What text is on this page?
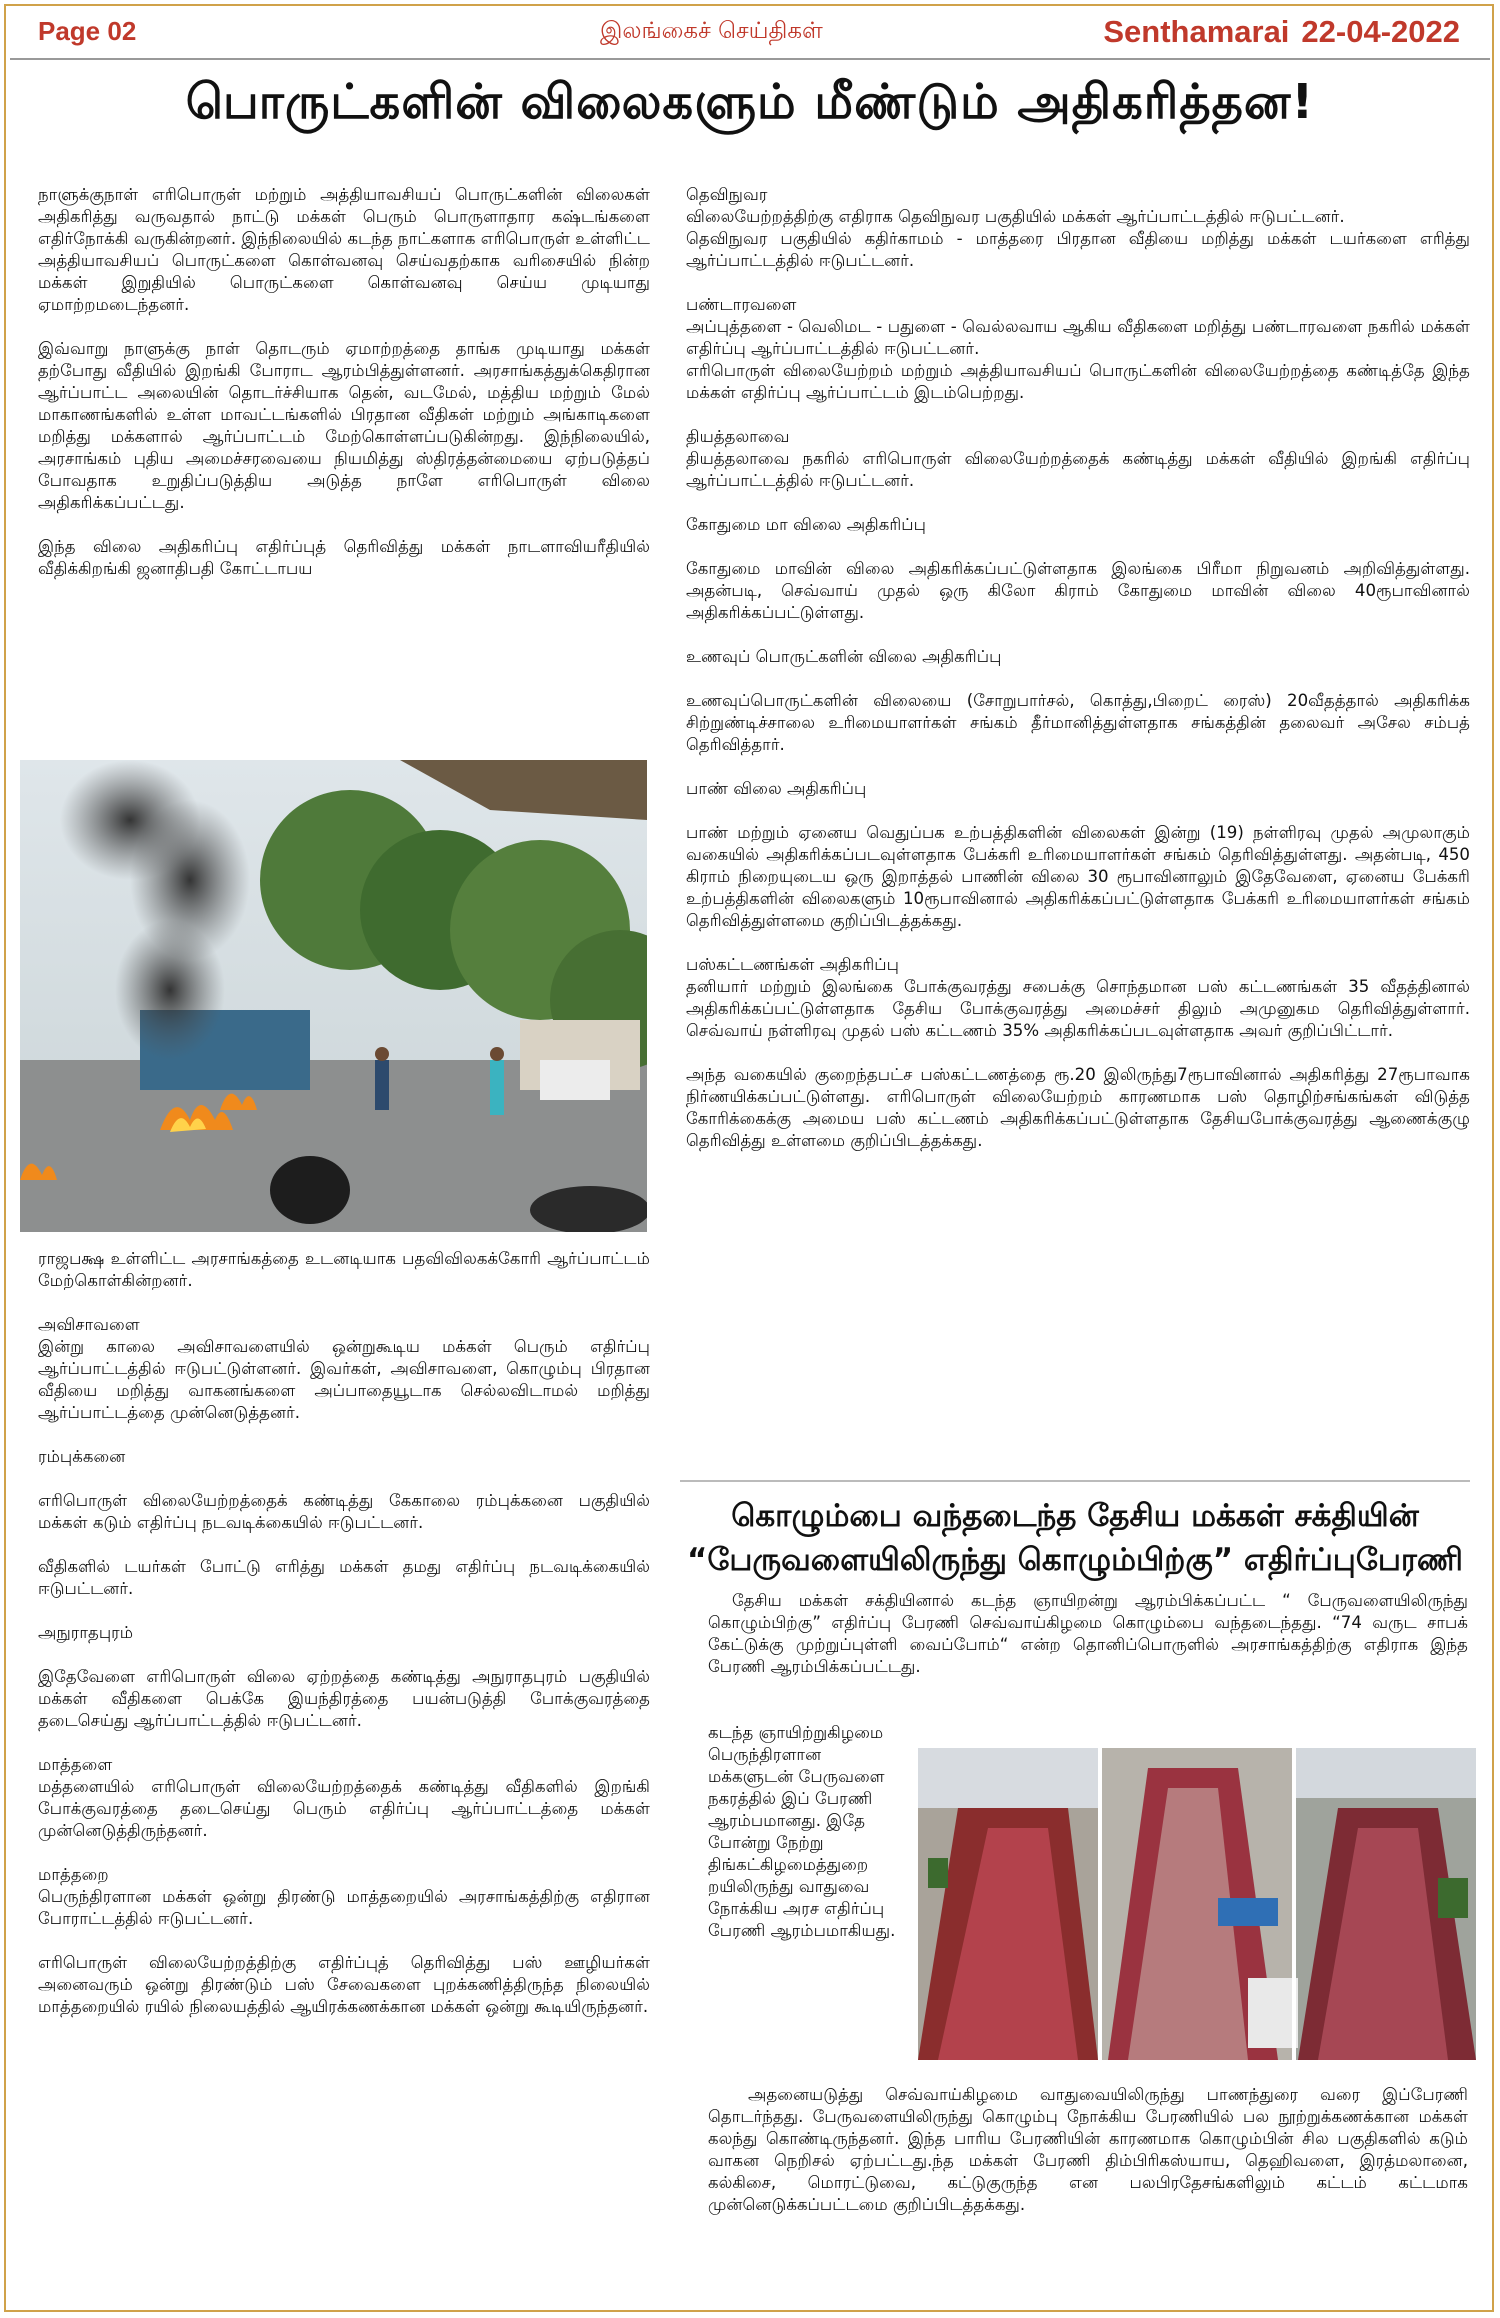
Page 02	இலங்கைச் செய்திகள்	Senthamarai 22-04-2022
பொருட்களின் விலைகளும் மீண்டும் அதிகரித்தன!

நாளுக்குநாள் எரிபொருள் மற்றும் அத்தியாவசியப் பொருட்களின் விலைகள் அதிகரித்து வருவதால் நாட்டு மக்கள் பெரும் பொருளாதார கஷ்டங்களை எதிர்நோக்கி வருகின்றனர். இந்நிலையில் கடந்த நாட்களாக எரிபொருள் உள்ளிட்ட அத்தியாவசியப் பொருட்களை கொள்வனவு செய்வதற்காக வரிசையில் நின்ற மக்கள் இறுதியில் பொருட்களை கொள்வனவு செய்ய முடியாது ஏமாற்றமடைந்தனர்.

இவ்வாறு நாளுக்கு நாள் தொடரும் ஏமாற்றத்தை தாங்க முடியாது மக்கள் தற்போது வீதியில் இறங்கி போராட ஆரம்பித்துள்ளனர். அரசாங்கத்துக்கெதிரான ஆர்ப்பாட்ட அலையின் தொடர்ச்சியாக தென், வடமேல், மத்திய மற்றும் மேல் மாகாணங்களில் உள்ள மாவட்டங்களில் பிரதான வீதிகள் மற்றும் அங்காடிகளை மறித்து மக்களால் ஆர்ப்பாட்டம் மேற்கொள்ளப்படுகின்றது. இந்நிலையில், அரசாங்கம் புதிய அமைச்சரவையை நியமித்து ஸ்திரத்தன்மையை ஏற்படுத்தப் போவதாக உறுதிப்படுத்திய அடுத்த நாளே எரிபொருள் விலை அதிகரிக்கப்பட்டது.

இந்த விலை அதிகரிப்பு எதிர்ப்புத் தெரிவித்து மக்கள் நாடளாவியரீதியில் வீதிக்கிறங்கி ஜனாதிபதி கோட்டாபய

ராஜபக்ஷ உள்ளிட்ட அரசாங்கத்தை உடனடியாக பதவிவிலகக்கோரி ஆர்ப்பாட்டம் மேற்கொள்கின்றனர்.

அவிசாவளை

இன்று காலை அவிசாவளையில் ஒன்றுகூடிய மக்கள் பெரும் எதிர்ப்பு ஆர்ப்பாட்டத்தில் ஈடுபட்டுள்ளனர். இவர்கள், அவிசாவளை, கொழும்பு பிரதான வீதியை மறித்து வாகனங்களை அப்பாதையூடாக செல்லவிடாமல் மறித்து ஆர்ப்பாட்டத்தை முன்னெடுத்தனர்.

ரம்புக்கனை

எரிபொருள் விலையேற்றத்தைக் கண்டித்து கேகாலை ரம்புக்கனை பகுதியில் மக்கள் கடும் எதிர்ப்பு நடவடிக்கையில் ஈடுபட்டனர்.

வீதிகளில் டயர்கள் போட்டு எரித்து மக்கள் தமது எதிர்ப்பு நடவடிக்கையில் ஈடுபட்டனர்.

அநுராதபுரம்

இதேவேளை எரிபொருள் விலை ஏற்றத்தை கண்டித்து அநுராதபுரம் பகுதியில் மக்கள் வீதிகளை பெக்கே இயந்திரத்தை பயன்படுத்தி போக்குவரத்தை தடைசெய்து ஆர்ப்பாட்டத்தில் ஈடுபட்டனர்.

மாத்தளை

மத்தளையில் எரிபொருள் விலையேற்றத்தைக் கண்டித்து வீதிகளில் இறங்கி போக்குவரத்தை தடைசெய்து பெரும் எதிர்ப்பு ஆர்ப்பாட்டத்தை மக்கள் முன்னெடுத்திருந்தனர்.

மாத்தறை

பெருந்திரளான மக்கள் ஒன்று திரண்டு மாத்தறையில் அரசாங்கத்திற்கு எதிரான போராட்டத்தில் ஈடுபட்டனர்.

எரிபொருள் விலையேற்றத்திற்கு எதிர்ப்புத் தெரிவித்து பஸ் ஊழியர்கள் அனைவரும் ஒன்று திரண்டும் பஸ் சேவைகளை புறக்கணித்திருந்த நிலையில் மாத்தறையில் ரயில் நிலையத்தில் ஆயிரக்கணக்கான மக்கள் ஒன்று கூடியிருந்தனர்.

தெவிநுவர

விலையேற்றத்திற்கு எதிராக தெவிநுவர பகுதியில் மக்கள் ஆர்ப்பாட்டத்தில் ஈடுபட்டனர்.

தெவிநுவர பகுதியில் கதிர்காமம் - மாத்தரை பிரதான வீதியை மறித்து மக்கள் டயர்களை எரித்து ஆர்ப்பாட்டத்தில் ஈடுபட்டனர்.

பண்டாரவளை

அப்புத்தளை - வெலிமட - பதுளை - வெல்லவாய ஆகிய வீதிகளை மறித்து பண்டாரவளை நகரில் மக்கள் எதிர்ப்பு ஆர்ப்பாட்டத்தில் ஈடுபட்டனர்.

எரிபொருள் விலையேற்றம் மற்றும் அத்தியாவசியப் பொருட்களின் விலையேற்றத்தை கண்டித்தே இந்த மக்கள் எதிர்ப்பு ஆர்ப்பாட்டம் இடம்பெற்றது.

தியத்தலாவை

தியத்தலாவை நகரில் எரிபொருள் விலையேற்றத்தைக் கண்டித்து மக்கள் வீதியில் இறங்கி எதிர்ப்பு ஆர்ப்பாட்டத்தில் ஈடுபட்டனர்.

கோதுமை மா விலை அதிகரிப்பு

கோதுமை மாவின் விலை அதிகரிக்கப்பட்டுள்ளதாக இலங்கை பிரீமா நிறுவனம் அறிவித்துள்ளது. அதன்படி, செவ்வாய் முதல் ஒரு கிலோ கிராம் கோதுமை மாவின் விலை 40ரூபாவினால் அதிகரிக்கப்பட்டுள்ளது.

உணவுப் பொருட்களின் விலை அதிகரிப்பு

உணவுப்பொருட்களின் விலையை (சோறுபார்சல், கொத்து,பிறைட் ரைஸ்) 20வீதத்தால் அதிகரிக்க சிற்றுண்டிச்சாலை உரிமையாளர்கள் சங்கம் தீர்மானித்துள்ளதாக சங்கத்தின் தலைவர் அசேல சம்பத் தெரிவித்தார்.

பாண் விலை அதிகரிப்பு

பாண் மற்றும் ஏனைய வெதுப்பக உற்பத்திகளின் விலைகள் இன்று (19) நள்ளிரவு முதல் அமுலாகும் வகையில் அதிகரிக்கப்படவுள்ளதாக பேக்கரி உரிமையாளர்கள் சங்கம் தெரிவித்துள்ளது. அதன்படி, 450 கிராம் நிறையுடைய ஒரு இறாத்தல் பாணின் விலை 30 ரூபாவினாலும் இதேவேளை, ஏனைய பேக்கரி உற்பத்திகளின் விலைகளும் 10ரூபாவினால் அதிகரிக்கப்பட்டுள்ளதாக பேக்கரி உரிமையாளர்கள் சங்கம் தெரிவித்துள்ளமை குறிப்பிடத்தக்கது.

பஸ்கட்டணங்கள் அதிகரிப்பு

தனியார் மற்றும் இலங்கை போக்குவரத்து சபைக்கு சொந்தமான பஸ் கட்டணங்கள் 35 வீதத்தினால் அதிகரிக்கப்பட்டுள்ளதாக தேசிய போக்குவரத்து அமைச்சர் திலும் அமுனுகம தெரிவித்துள்ளார். செவ்வாய் நள்ளிரவு முதல் பஸ் கட்டணம் 35% அதிகரிக்கப்படவுள்ளதாக அவர் குறிப்பிட்டார்.

அந்த வகையில் குறைந்தபட்ச பஸ்கட்டணத்தை ரூ.20 இலிருந்து7ரூபாவினால் அதிகரித்து 27ரூபாவாக நிர்ணயிக்கப்பட்டுள்ளது. எரிபொருள் விலையேற்றம் காரணமாக பஸ் தொழிற்சங்கங்கள் விடுத்த கோரிக்கைக்கு அமைய பஸ் கட்டணம் அதிகரிக்கப்பட்டுள்ளதாக தேசியபோக்குவரத்து ஆணைக்குழு தெரிவித்து உள்ளமை குறிப்பிடத்தக்கது.

கொழும்பை வந்தடைந்த தேசிய மக்கள் சக்தியின்
“பேருவளையிலிருந்து கொழும்பிற்கு” எதிர்ப்புபேரணி

தேசிய மக்கள் சக்தியினால் கடந்த ஞாயிறன்று ஆரம்பிக்கப்பட்ட “ பேருவளையிலிருந்து கொழும்பிற்கு” எதிர்ப்பு பேரணி செவ்வாய்கிழமை கொழும்பை வந்தடைந்தது. “74 வருட சாபக் கேட்டுக்கு முற்றுப்புள்ளி வைப்போம்“ என்ற தொனிப்பொருளில் அரசாங்கத்திற்கு எதிராக இந்த பேரணி ஆரம்பிக்கப்பட்டது.

கடந்த ஞாயிற்றுகிழமை பெருந்திரளான மக்களுடன் பேருவளை நகரத்தில் இப் பேரணி ஆரம்பமானது. இதே போன்று நேற்று திங்கட்கிழமைத்துறை றயிலிருந்து வாதுவை நோக்கிய அரச எதிர்ப்பு பேரணி ஆரம்பமாகியது.

அதனையடுத்து செவ்வாய்கிழமை வாதுவையிலிருந்து பாணந்துரை வரை இப்பேரணி தொடர்ந்தது. பேருவளையிலிருந்து கொழும்பு நோக்கிய பேரணியில் பல நூற்றுக்கணக்கான மக்கள் கலந்து கொண்டிருந்தனர். இந்த பாரிய பேரணியின் காரணமாக கொழும்பின் சில பகுதிகளில் கடும் வாகன நெறிசல் ஏற்பட்டது.ந்த மக்கள் பேரணி திம்பிரிகஸ்யாய, தெஹிவளை, இரத்மலானை, கல்கிசை, மொரட்டுவை, கட்டுகுருந்த என பலபிரதேசங்களிலும் கட்டம் கட்டமாக முன்னெடுக்கப்பட்டமை குறிப்பிடத்தக்கது.
